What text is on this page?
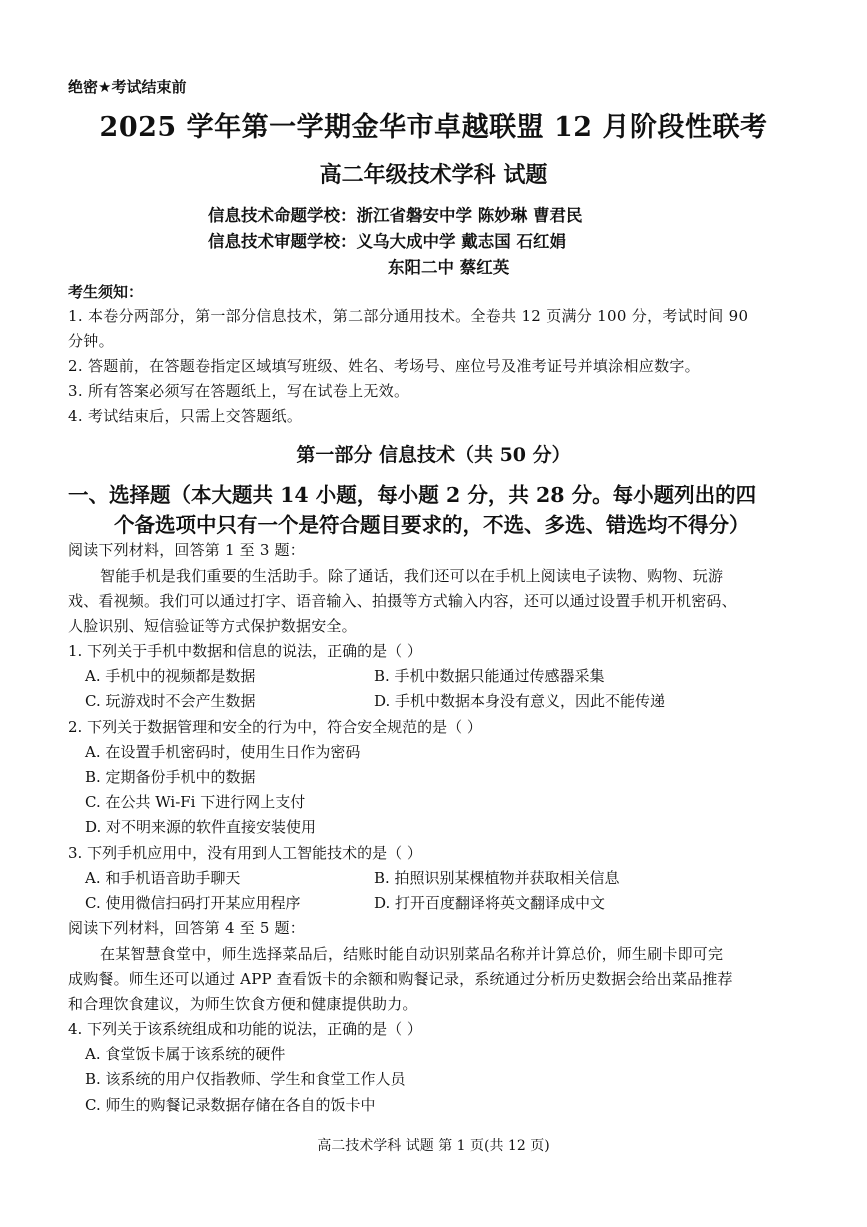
绝密★考试结束前
2025 学年第一学期金华市卓越联盟 12 月阶段性联考
高二年级技术学科 试题
信息技术命题学校：浙江省磐安中学 陈妙琳 曹君民
信息技术审题学校：义乌大成中学 戴志国 石红娟
东阳二中 蔡红英
考生须知：
1. 本卷分两部分，第一部分信息技术，第二部分通用技术。全卷共 12 页满分 100 分，考试时间 90
分钟。
2. 答题前，在答题卷指定区域填写班级、姓名、考场号、座位号及准考证号并填涂相应数字。
3. 所有答案必须写在答题纸上，写在试卷上无效。
4. 考试结束后，只需上交答题纸。
第一部分 信息技术（共 50 分）
一、选择题（本大题共 14 小题，每小题 2 分，共 28 分。每小题列出的四
个备选项中只有一个是符合题目要求的，不选、多选、错选均不得分）
阅读下列材料，回答第 1 至 3 题：
智能手机是我们重要的生活助手。除了通话，我们还可以在手机上阅读电子读物、购物、玩游
戏、看视频。我们可以通过打字、语音输入、拍摄等方式输入内容，还可以通过设置手机开机密码、
人脸识别、短信验证等方式保护数据安全。
1. 下列关于手机中数据和信息的说法，正确的是（ ）
A. 手机中的视频都是数据	B. 手机中数据只能通过传感器采集
C. 玩游戏时不会产生数据	D. 手机中数据本身没有意义，因此不能传递
2. 下列关于数据管理和安全的行为中，符合安全规范的是（ ）
A. 在设置手机密码时，使用生日作为密码
B. 定期备份手机中的数据
C. 在公共 Wi-Fi 下进行网上支付
D. 对不明来源的软件直接安装使用
3. 下列手机应用中，没有用到人工智能技术的是（ ）
A. 和手机语音助手聊天	B. 拍照识别某棵植物并获取相关信息
C. 使用微信扫码打开某应用程序	D. 打开百度翻译将英文翻译成中文
阅读下列材料，回答第 4 至 5 题：
在某智慧食堂中，师生选择菜品后，结账时能自动识别菜品名称并计算总价，师生刷卡即可完
成购餐。师生还可以通过 APP 查看饭卡的余额和购餐记录，系统通过分析历史数据会给出菜品推荐
和合理饮食建议，为师生饮食方便和健康提供助力。
4. 下列关于该系统组成和功能的说法，正确的是（ ）
A. 食堂饭卡属于该系统的硬件
B. 该系统的用户仅指教师、学生和食堂工作人员
C. 师生的购餐记录数据存储在各自的饭卡中
高二技术学科 试题 第 1 页(共 12 页)
